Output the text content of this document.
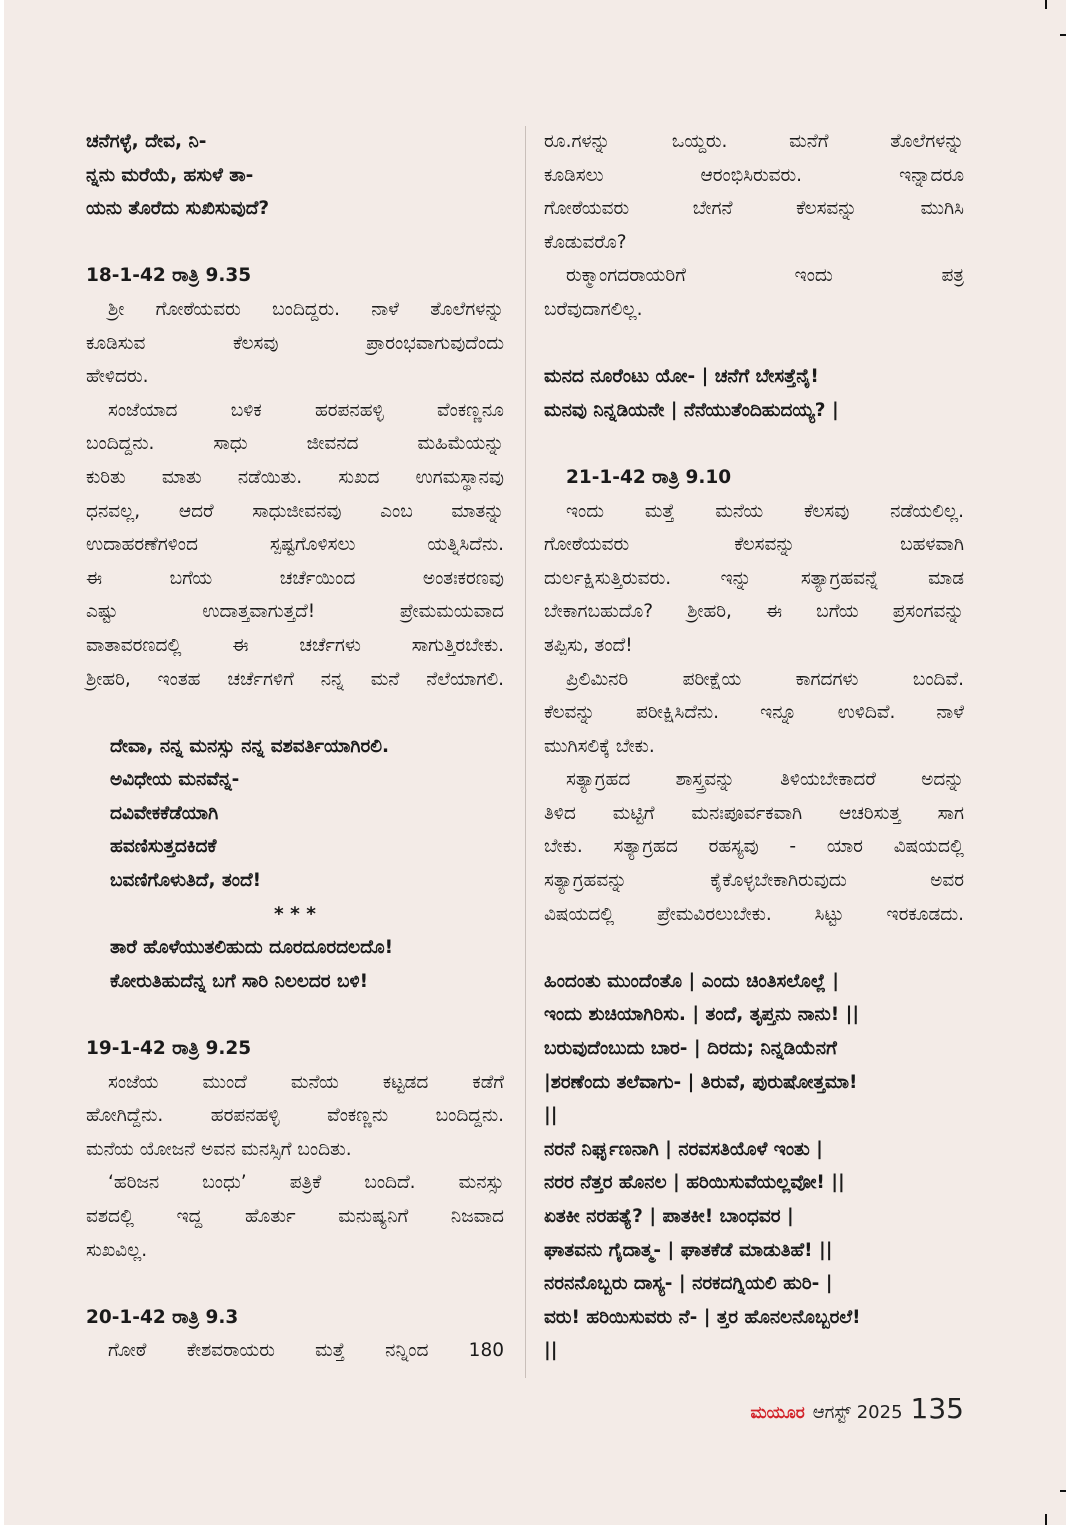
ಚನೆಗಳ್ಳೆ, ದೇವ, ನಿ-
ನ್ನನು ಮರೆಯೆ, ಹಸುಳೆ ತಾ-
ಯನು ತೊರೆದು ಸುಖಿಸುವುದೆ?
18-1-42 ರಾತ್ರಿ 9.35
ಶ್ರೀ ಗೋಠೆಯವರು ಬಂದಿದ್ದರು. ನಾಳೆ ತೊಲೆಗಳನ್ನು
ಕೂಡಿಸುವ ಕೆಲಸವು ಪ್ರಾರಂಭವಾಗುವುದೆಂದು
ಹೇಳಿದರು.
ಸಂಜೆಯಾದ ಬಳಿಕ ಹರಪನಹಳ್ಳಿ ವೆಂಕಣ್ಣನೂ
ಬಂದಿದ್ದನು. ಸಾಧು ಜೀವನದ ಮಹಿಮೆಯನ್ನು
ಕುರಿತು ಮಾತು ನಡೆಯಿತು. ಸುಖದ ಉಗಮಸ್ಥಾನವು
ಧನವಲ್ಲ, ಆದರೆ ಸಾಧುಜೀವನವು ಎಂಬ ಮಾತನ್ನು
ಉದಾಹರಣೆಗಳಿಂದ ಸ್ಪಷ್ಟಗೊಳಿಸಲು ಯತ್ನಿಸಿದೆನು.
ಈ ಬಗೆಯ ಚರ್ಚೆಯಿಂದ ಅಂತಃಕರಣವು
ಎಷ್ಟು ಉದಾತ್ತವಾಗುತ್ತದೆ! ಪ್ರೇಮಮಯವಾದ
ವಾತಾವರಣದಲ್ಲಿ ಈ ಚರ್ಚೆಗಳು ಸಾಗುತ್ತಿರಬೇಕು.
ಶ್ರೀಹರಿ, ಇಂತಹ ಚರ್ಚೆಗಳಿಗೆ ನನ್ನ ಮನೆ ನೆಲೆಯಾಗಲಿ.
ದೇವಾ, ನನ್ನ ಮನಸ್ಸು ನನ್ನ ವಶವರ್ತಿಯಾಗಿರಲಿ.
ಅವಿಧೇಯ ಮನವೆನ್ನ-
ದವಿವೇಕಕೆಡೆಯಾಗಿ
ಹವಣಿಸುತ್ತದಕಿದಕೆ
ಬವಣಿಗೊಳುತಿದೆ, ತಂದೆ!
* * *
ತಾರೆ ಹೊಳೆಯುತಲಿಹುದು ದೂರದೂರದಲದೊ!
ಕೋರುತಿಹುದೆನ್ನ ಬಗೆ ಸಾರಿ ನಿಲಲದರ ಬಳಿ!
19-1-42 ರಾತ್ರಿ 9.25
ಸಂಜೆಯ ಮುಂದೆ ಮನೆಯ ಕಟ್ಟಡದ ಕಡೆಗೆ
ಹೋಗಿದ್ದೆನು. ಹರಪನಹಳ್ಳಿ ವೆಂಕಣ್ಣನು ಬಂದಿದ್ದನು.
ಮನೆಯ ಯೋಜನೆ ಅವನ ಮನಸ್ಸಿಗೆ ಬಂದಿತು.
‘ಹರಿಜನ ಬಂಧು’ ಪತ್ರಿಕೆ ಬಂದಿದೆ. ಮನಸ್ಸು
ವಶದಲ್ಲಿ ಇದ್ದ ಹೊರ್ತು ಮನುಷ್ಯನಿಗೆ ನಿಜವಾದ
ಸುಖವಿಲ್ಲ.
20-1-42 ರಾತ್ರಿ 9.3
ಗೋಠೆ ಕೇಶವರಾಯರು ಮತ್ತೆ ನನ್ನಿಂದ 180
ರೂ.ಗಳನ್ನು ಒಯ್ದರು. ಮನೆಗೆ ತೊಲೆಗಳನ್ನು
ಕೂಡಿಸಲು ಆರಂಭಿಸಿರುವರು. ಇನ್ನಾದರೂ
ಗೋಠೆಯವರು ಬೇಗನೆ ಕೆಲಸವನ್ನು ಮುಗಿಸಿ
ಕೊಡುವರೊ?
ರುಕ್ಮಾಂಗದರಾಯರಿಗೆ ಇಂದು ಪತ್ರ
ಬರೆವುದಾಗಲಿಲ್ಲ.
ಮನದ ನೂರೆಂಟು ಯೋ- | ಚನೆಗೆ ಬೇಸತ್ತೆನೈ!
ಮನವು ನಿನ್ನಡಿಯನೇ | ನೆನೆಯುತೆಂದಿಹುದಯ್ಯ? |
21-1-42 ರಾತ್ರಿ 9.10
ಇಂದು ಮತ್ತೆ ಮನೆಯ ಕೆಲಸವು ನಡೆಯಲಿಲ್ಲ.
ಗೋಠೆಯವರು ಕೆಲಸವನ್ನು ಬಹಳವಾಗಿ
ದುರ್ಲಕ್ಷಿಸುತ್ತಿರುವರು. ಇನ್ನು ಸತ್ಯಾಗ್ರಹವನ್ನೆ ಮಾಡ
ಬೇಕಾಗಬಹುದೊ? ಶ್ರೀಹರಿ, ಈ ಬಗೆಯ ಪ್ರಸಂಗವನ್ನು
ತಪ್ಪಿಸು, ತಂದೆ!
ಪ್ರಿಲಿಮಿನರಿ ಪರೀಕ್ಷೆಯ ಕಾಗದಗಳು ಬಂದಿವೆ.
ಕೆಲವನ್ನು ಪರೀಕ್ಷಿಸಿದೆನು. ಇನ್ನೂ ಉಳಿದಿವೆ. ನಾಳೆ
ಮುಗಿಸಲಿಕ್ಕೆ ಬೇಕು.
ಸತ್ಯಾಗ್ರಹದ ಶಾಸ್ತ್ರವನ್ನು ತಿಳಿಯಬೇಕಾದರೆ ಅದನ್ನು
ತಿಳಿದ ಮಟ್ಟಿಗೆ ಮನಃಪೂರ್ವಕವಾಗಿ ಆಚರಿಸುತ್ತ ಸಾಗ
ಬೇಕು. ಸತ್ಯಾಗ್ರಹದ ರಹಸ್ಯವು - ಯಾರ ವಿಷಯದಲ್ಲಿ
ಸತ್ಯಾಗ್ರಹವನ್ನು ಕೈಕೊಳ್ಳಬೇಕಾಗಿರುವುದು ಅವರ
ವಿಷಯದಲ್ಲಿ ಪ್ರೇಮವಿರಲುಬೇಕು. ಸಿಟ್ಟು ಇರಕೂಡದು.
ಹಿಂದಂತು ಮುಂದೆಂತೊ | ಎಂದು ಚಿಂತಿಸಲೊಲ್ಲೆ |
ಇಂದು ಶುಚಿಯಾಗಿರಿಸು. | ತಂದೆ, ತೃಪ್ತನು ನಾನು! ||
ಬರುವುದೆಂಬುದು ಬಾರ- | ದಿರದು; ನಿನ್ನಡಿಯೆನಗೆ
|ಶರಣೆಂದು ತಲೆವಾಗು- | ತಿರುವೆ, ಪುರುಷೋತ್ತಮಾ!
||
ನರನೆ ನಿರ್ಘೃಣನಾಗಿ | ನರವಸತಿಯೊಳೆ ಇಂತು |
ನರರ ನೆತ್ತರ ಹೊನಲ | ಹರಿಯಿಸುವೆಯಲ್ಲವೋ! ||
ಏತಕೀ ನರಹತ್ಯೆ? | ಪಾತಕೀ! ಬಾಂಧವರ |
ಘಾತವನು ಗೈದಾತ್ಮ- | ಘಾತಕೆಡೆ ಮಾಡುತಿಹೆ! ||
ನರನನೊಬ್ಬರು ದಾಸ್ಯ- | ನರಕದಗ್ನಿಯಲಿ ಹುರಿ- |
ವರು! ಹರಿಯಿಸುವರು ನೆ- | ತ್ತರ ಹೊನಲನೊಬ್ಬರಲೆ!
||
ಮಯೂರ ಆಗಸ್ಟ್ 2025 135
